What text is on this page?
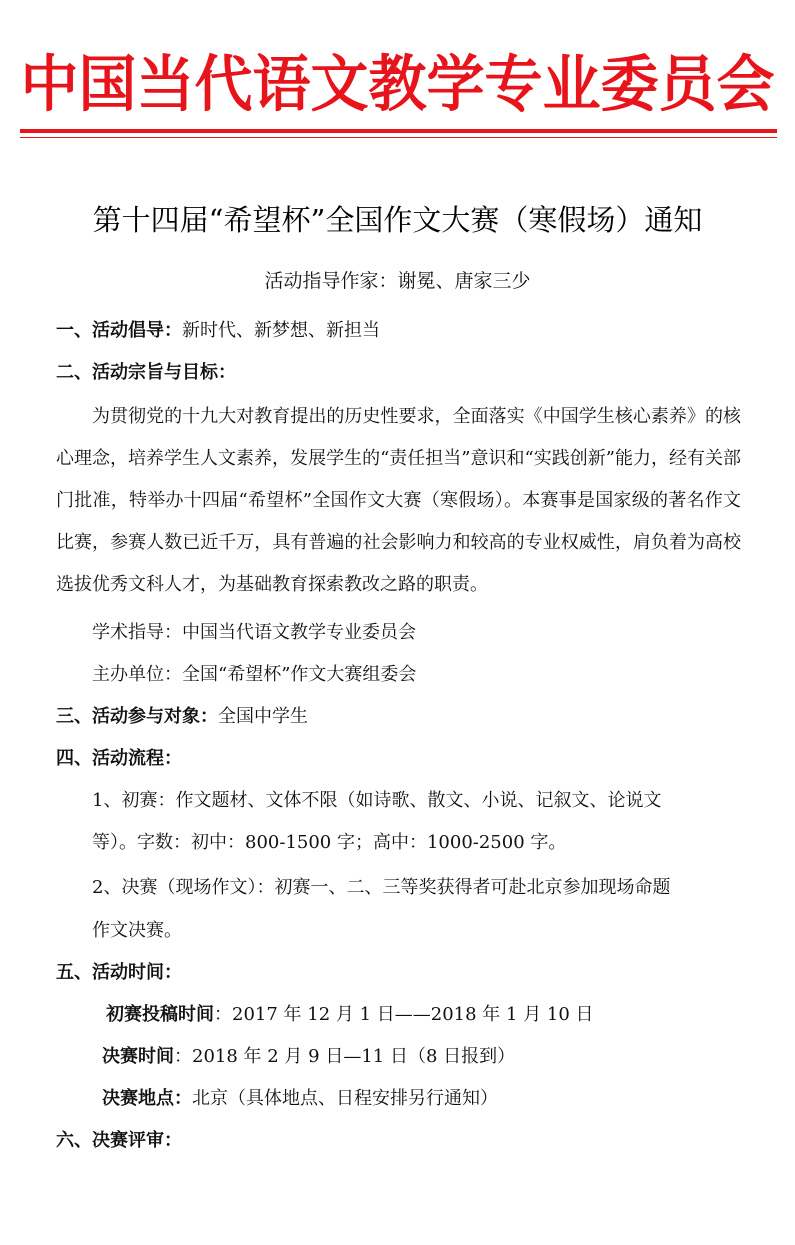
中国当代语文教学专业委员会
第十四届“希望杯”全国作文大赛（寒假场）通知
活动指导作家：谢冕、唐家三少
一、活动倡导：新时代、新梦想、新担当
二、活动宗旨与目标：
为贯彻党的十九大对教育提出的历史性要求，全面落实《中国学生核心素养》的核心理念，培养学生人文素养，发展学生的“责任担当”意识和“实践创新”能力，经有关部门批准，特举办十四届“希望杯”全国作文大赛（寒假场）。本赛事是国家级的著名作文比赛，参赛人数已近千万，具有普遍的社会影响力和较高的专业权威性，肩负着为高校选拔优秀文科人才，为基础教育探索教改之路的职责。
学术指导：中国当代语文教学专业委员会
主办单位：全国“希望杯”作文大赛组委会
三、活动参与对象：全国中学生
四、活动流程：
1、初赛：作文题材、文体不限（如诗歌、散文、小说、记叙文、论说文
等）。字数：初中：800-1500 字；高中：1000-2500 字。
2、决赛（现场作文）：初赛一、二、三等奖获得者可赴北京参加现场命题
作文决赛。
五、活动时间：
初赛投稿时间：2017 年 12 月 1 日——2018 年 1 月 10 日
决赛时间：2018 年 2 月 9 日—11 日（8 日报到）
决赛地点：北京（具体地点、日程安排另行通知）
六、决赛评审：
